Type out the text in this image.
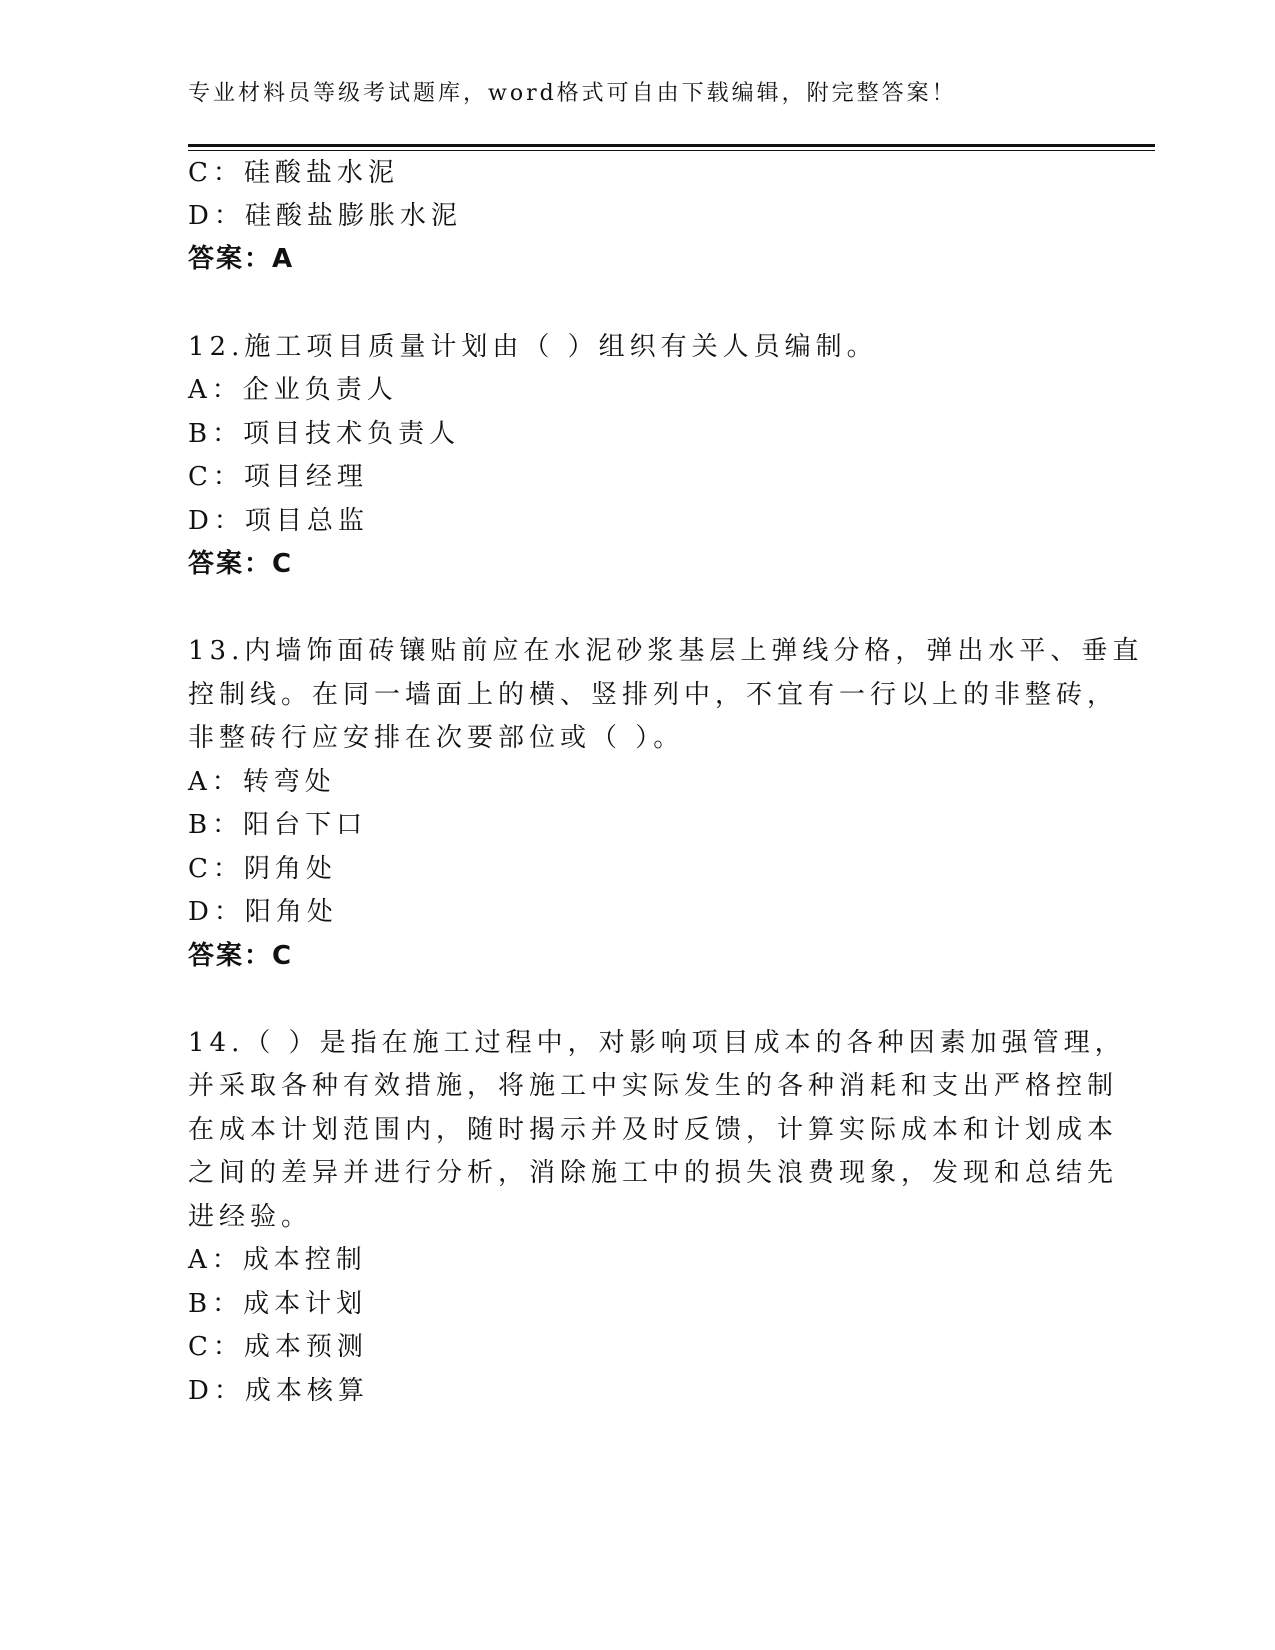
专业材料员等级考试题库，word格式可自由下载编辑，附完整答案！
C：硅酸盐水泥
D：硅酸盐膨胀水泥
答案：A
12.施工项目质量计划由（ ）组织有关人员编制。
A：企业负责人
B：项目技术负责人
C：项目经理
D：项目总监
答案：C
13.内墙饰面砖镶贴前应在水泥砂浆基层上弹线分格，弹出水平、垂直
控制线。在同一墙面上的横、竖排列中，不宜有一行以上的非整砖，
非整砖行应安排在次要部位或（ ）。
A：转弯处
B：阳台下口
C：阴角处
D：阳角处
答案：C
14.（ ）是指在施工过程中，对影响项目成本的各种因素加强管理，
并采取各种有效措施，将施工中实际发生的各种消耗和支出严格控制
在成本计划范围内，随时揭示并及时反馈，计算实际成本和计划成本
之间的差异并进行分析，消除施工中的损失浪费现象，发现和总结先
进经验。
A：成本控制
B：成本计划
C：成本预测
D：成本核算
